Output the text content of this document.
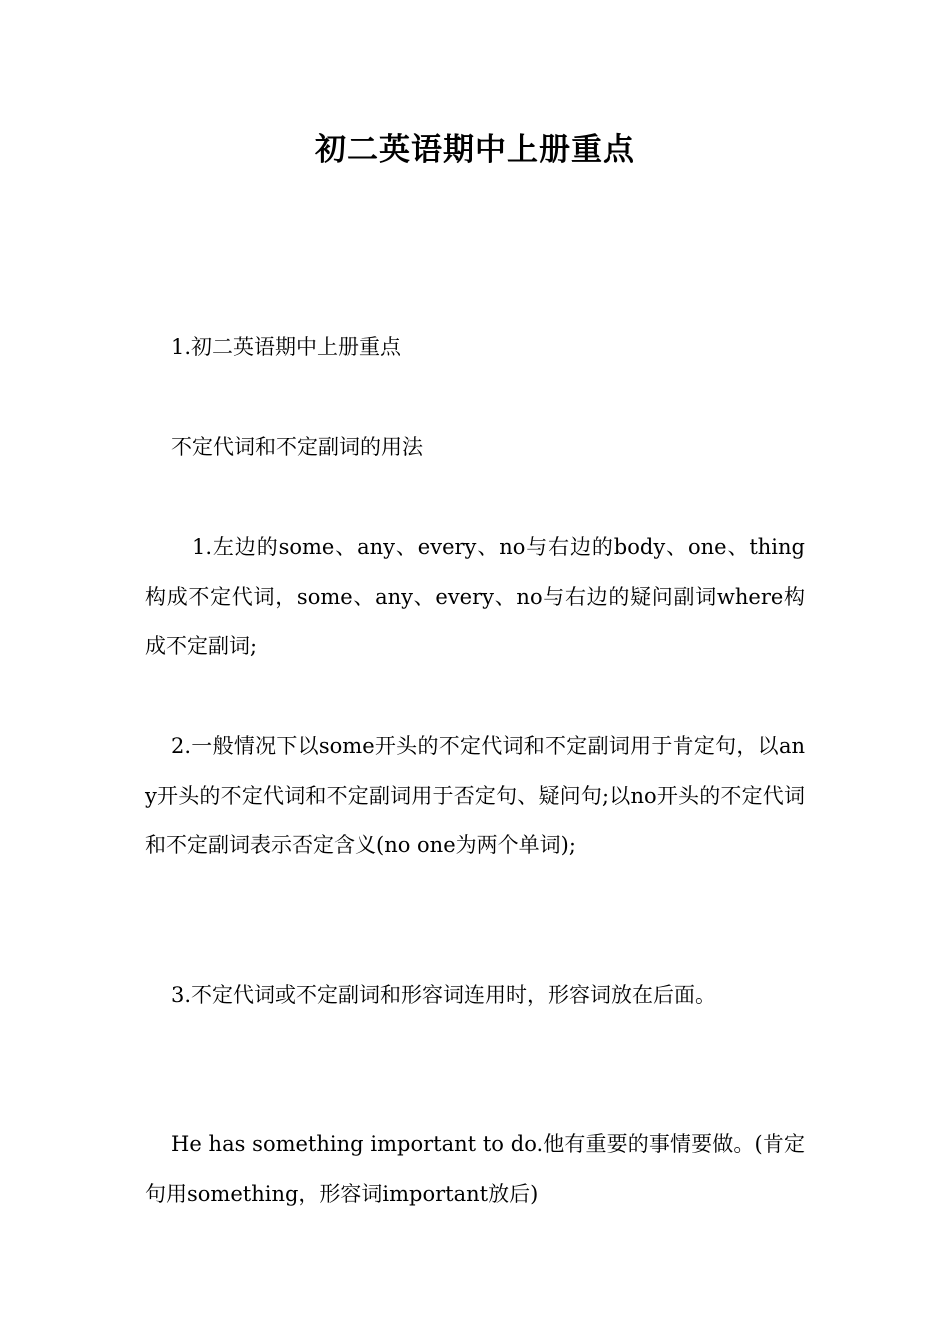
初二英语期中上册重点
1.初二英语期中上册重点
不定代词和不定副词的用法
1.左边的some、any、every、no与右边的body、one、thing构成不定代词，some、any、every、no与右边的疑问副词where构成不定副词;
2.一般情况下以some开头的不定代词和不定副词用于肯定句，以any开头的不定代词和不定副词用于否定句、疑问句;以no开头的不定代词和不定副词表示否定含义(no one为两个单词);
3.不定代词或不定副词和形容词连用时，形容词放在后面。
He has something important to do.他有重要的事情要做。(肯定句用something，形容词important放后)
